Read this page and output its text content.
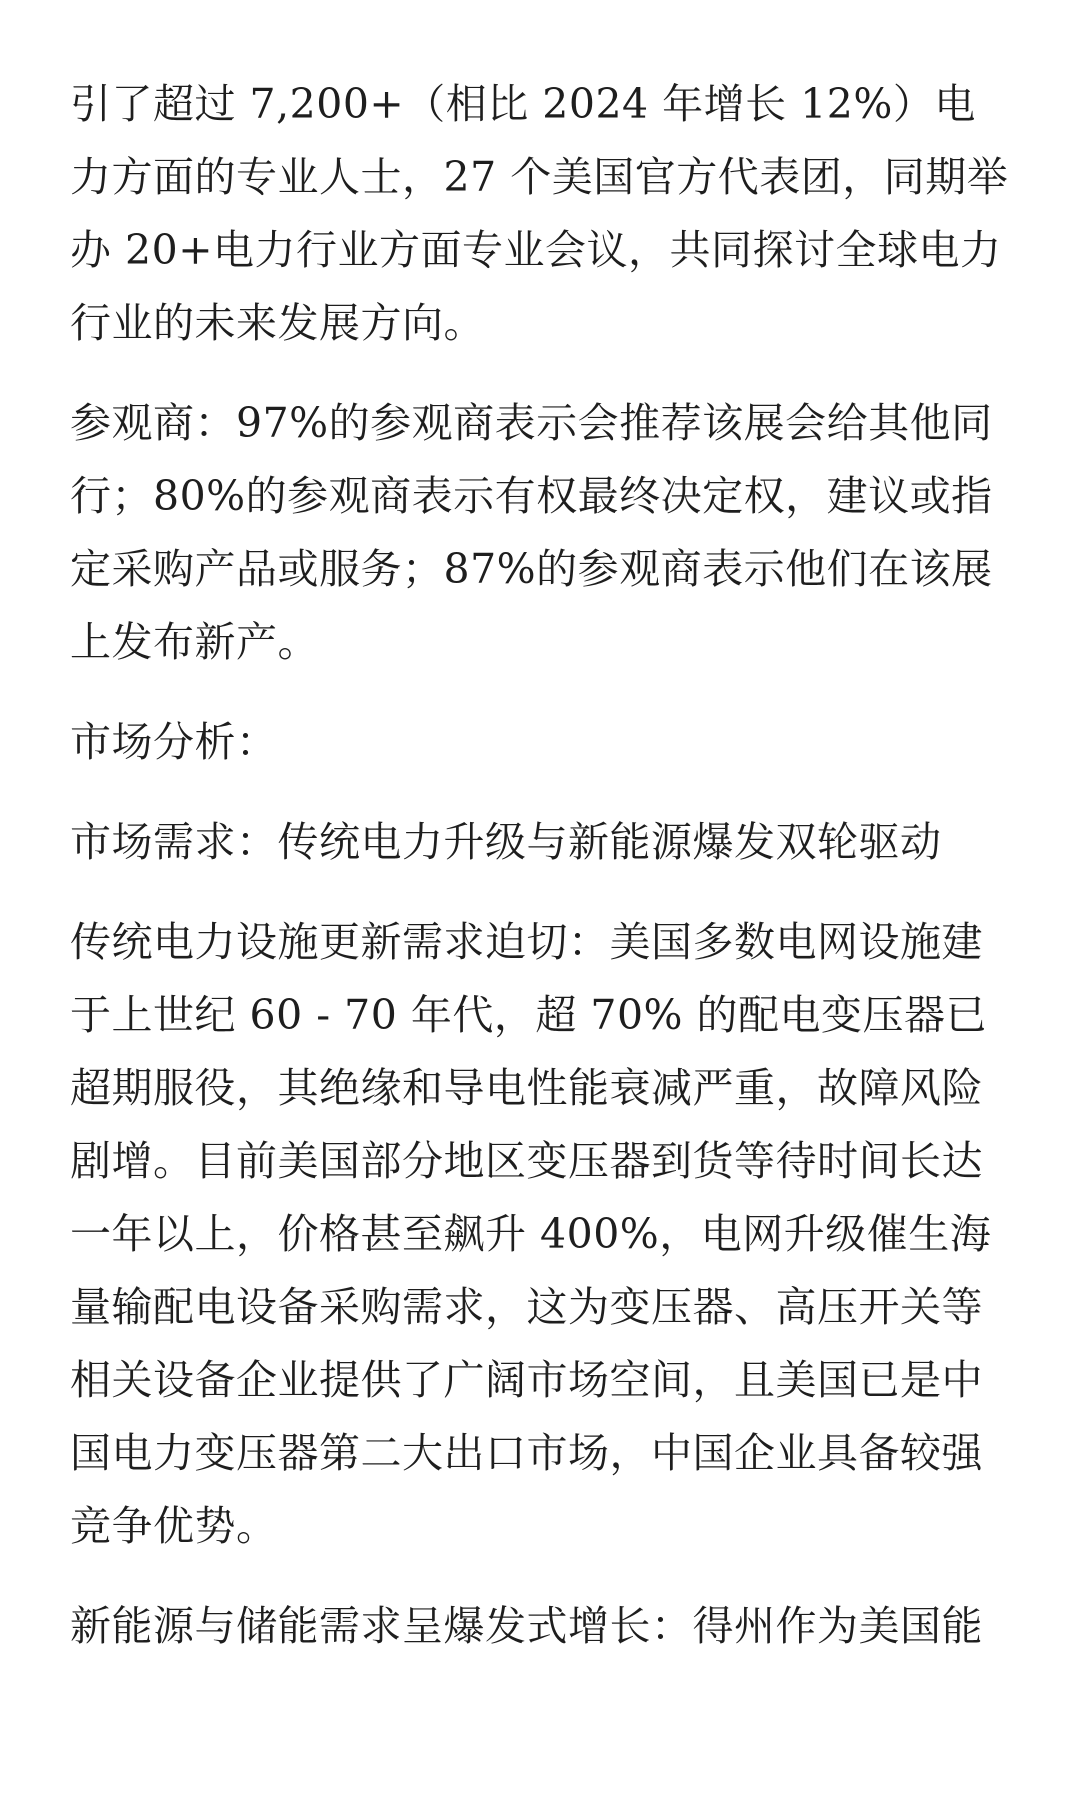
引了超过 7,200+（相比 2024 年增长 12%）电力方面的专业人士，27 个美国官方代表团，同期举办 20+电力行业方面专业会议，共同探讨全球电力行业的未来发展方向。

参观商：97%的参观商表示会推荐该展会给其他同行；80%的参观商表示有权最终决定权，建议或指定采购产品或服务；87%的参观商表示他们在该展上发布新产。

市场分析：

市场需求：传统电力升级与新能源爆发双轮驱动

传统电力设施更新需求迫切：美国多数电网设施建于上世纪 60 - 70 年代，超 70% 的配电变压器已超期服役，其绝缘和导电性能衰减严重，故障风险剧增。目前美国部分地区变压器到货等待时间长达一年以上，价格甚至飙升 400%，电网升级催生海量输配电设备采购需求，这为变压器、高压开关等相关设备企业提供了广阔市场空间，且美国已是中国电力变压器第二大出口市场，中国企业具备较强竞争优势。

新能源与储能需求呈爆发式增长：得州作为美国能
